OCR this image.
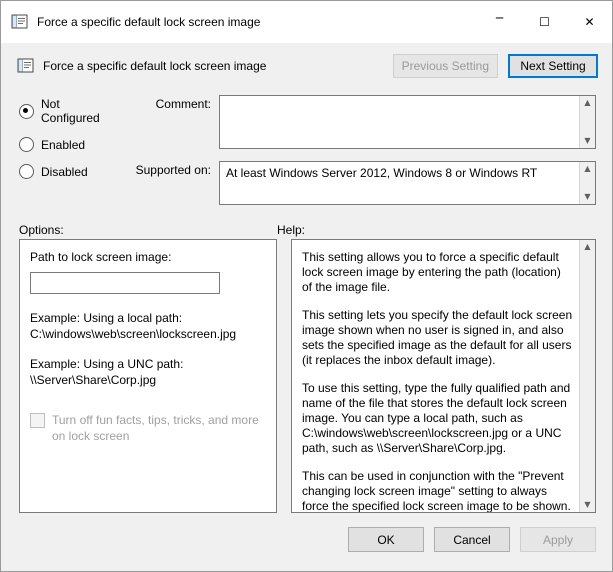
Force a specific default lock screen image	─	☐	✕
Force a specific default lock screen image	Previous Setting	Next Setting
Not Configured
Enabled
Disabled
Comment:	▲
▼
Supported on:	At least Windows Server 2012, Windows 8 or Windows RT	▲
▼
Options:	Help:
Path to lock screen image:
Example: Using a local path:
C:\windows\web\screen\lockscreen.jpg
Example: Using a UNC path:
\\Server\Share\Corp.jpg
Turn off fun facts, tips, tricks, and more on lock screen

This setting allows you to force a specific default lock screen image by entering the path (location) of the image file.

This setting lets you specify the default lock screen image shown when no user is signed in, and also sets the specified image as the default for all users (it replaces the inbox default image).

To use this setting, type the fully qualified path and name of the file that stores the default lock screen image. You can type a local path, such as C:\windows\web\screen\lockscreen.jpg or a UNC path, such as \\Server\Share\Corp.jpg.

This can be used in conjunction with the "Prevent changing lock screen image" setting to always force the specified lock screen image to be shown.

▲
▼
OK	Cancel	Apply
